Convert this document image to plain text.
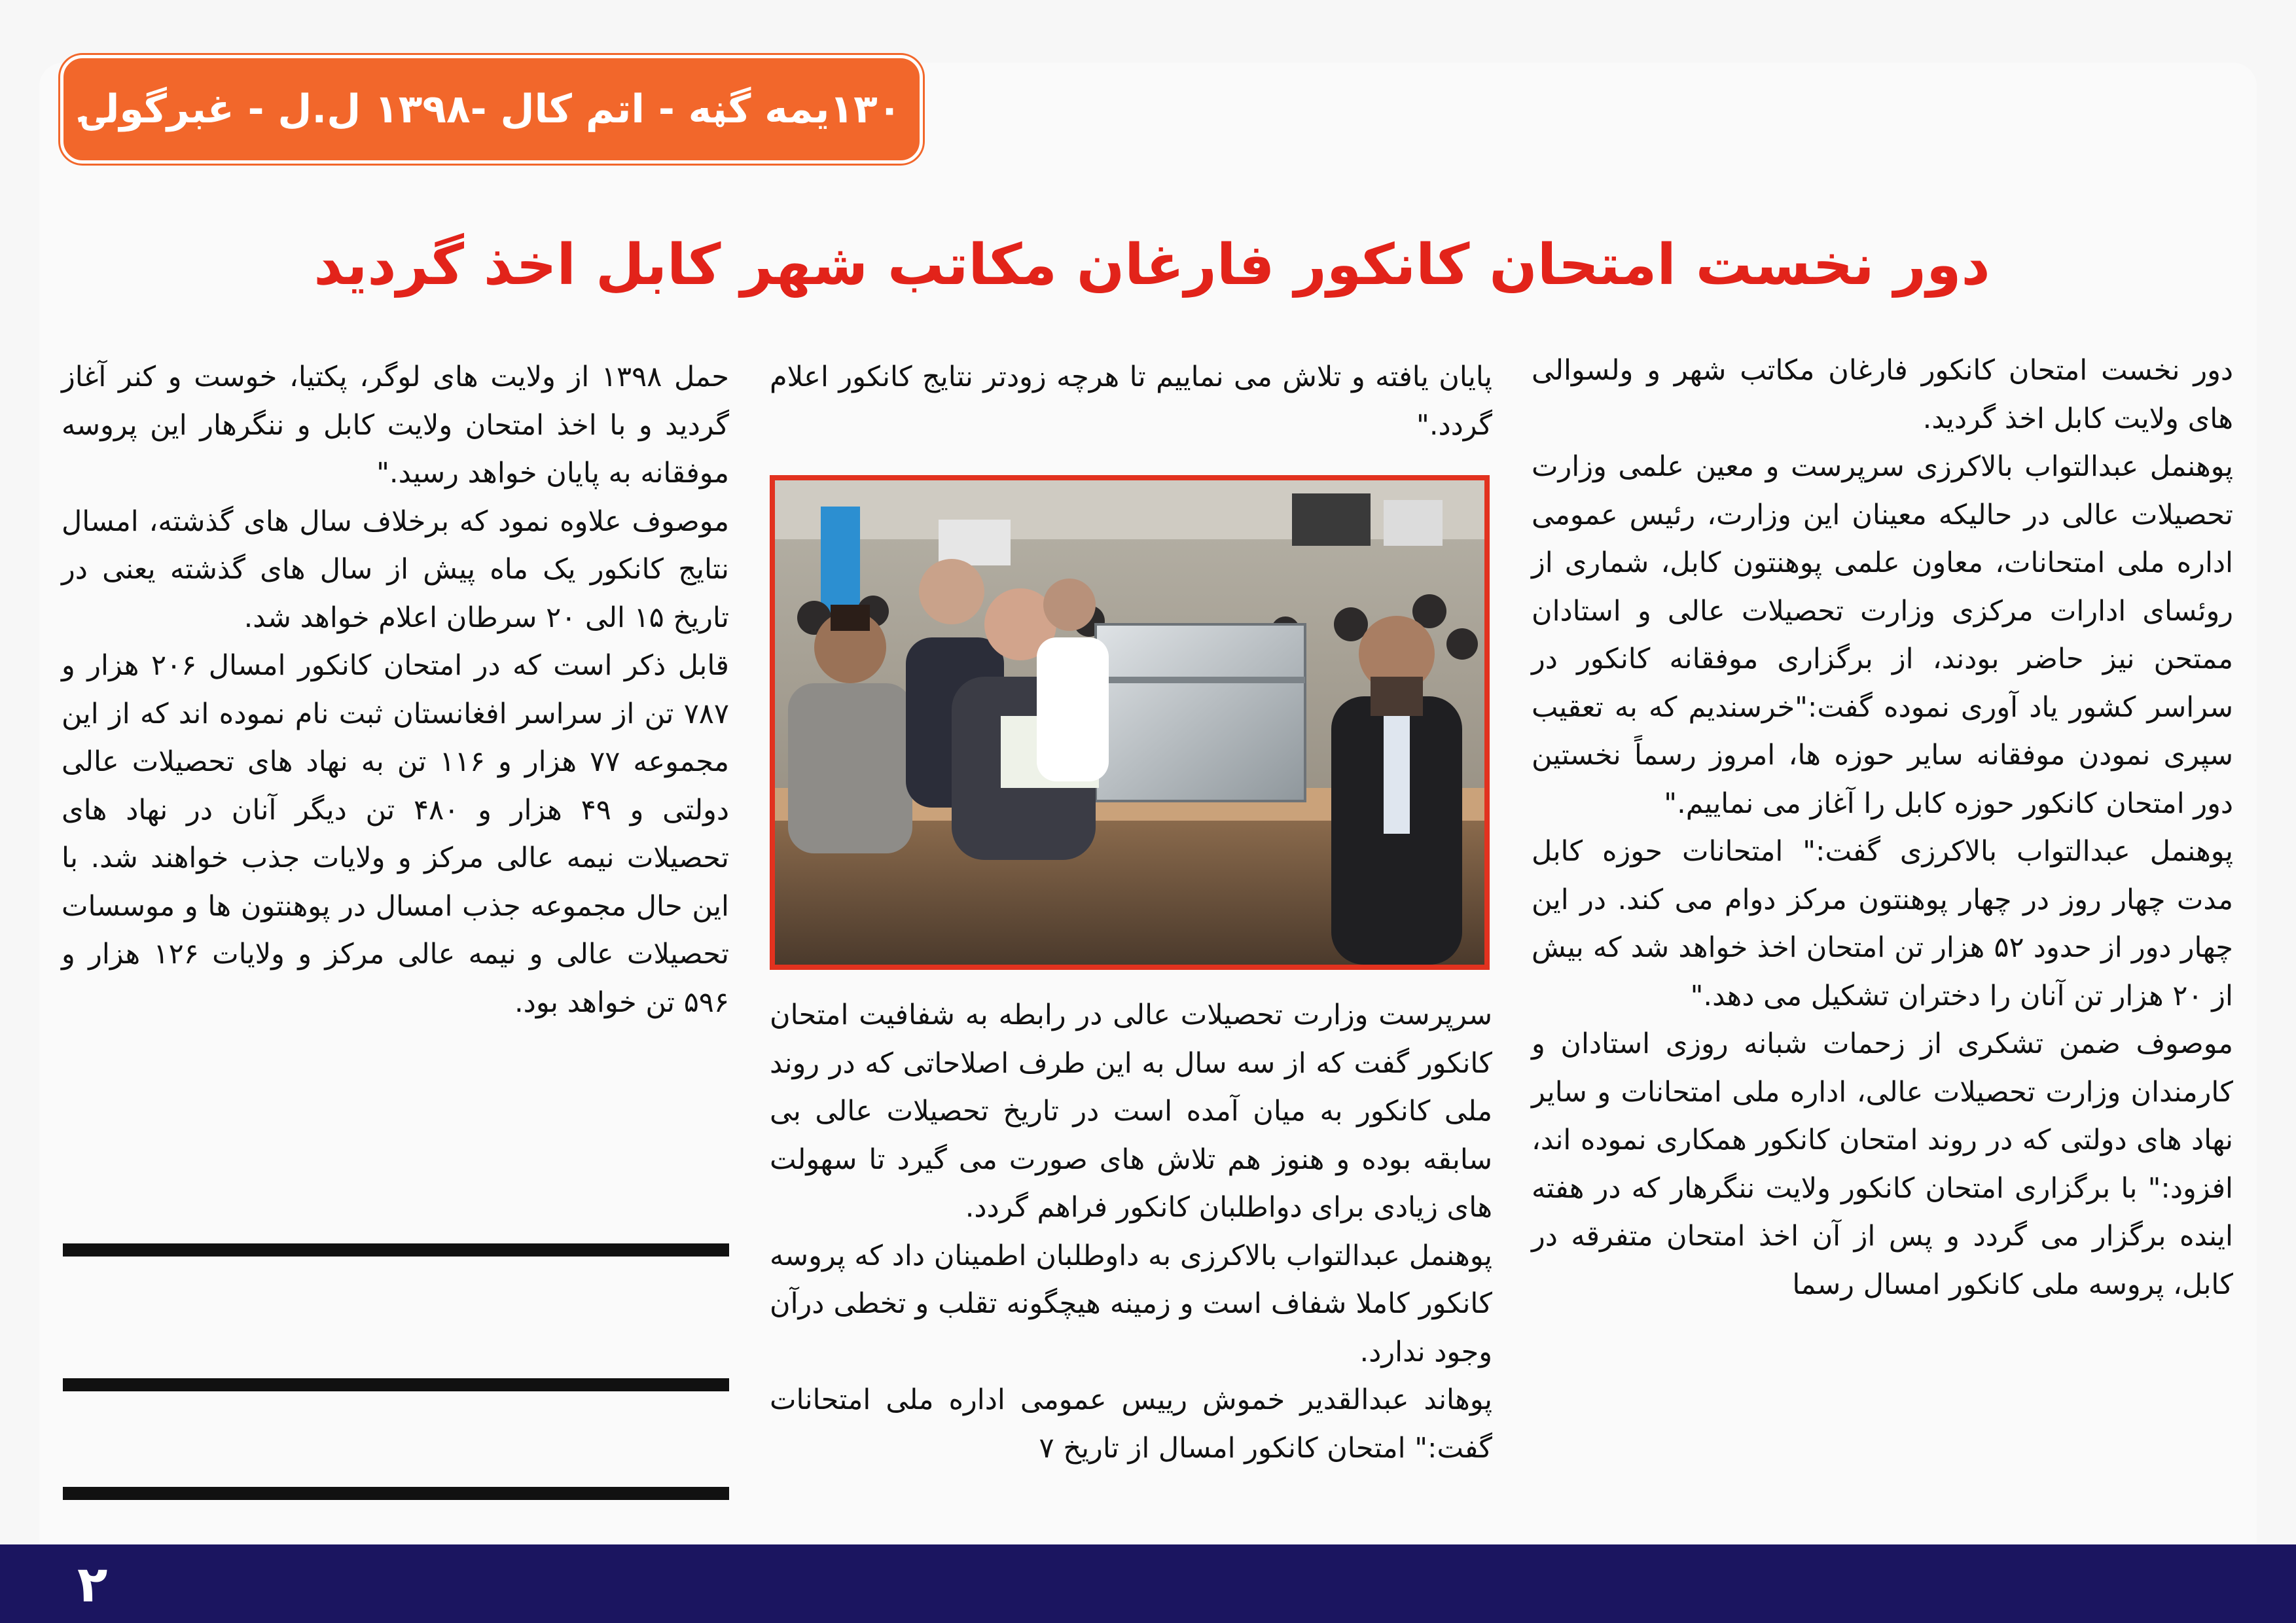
۱۳۰یمه گڼه - اتم کال -۱۳۹۸ ل.ل - غبرگولۍ
دور نخست امتحان کانکور فارغان مکاتب شهر کابل اخذ گردید

دور نخست امتحان کانکور فارغان مکاتب شهر و ولسوالی های ولایت کابل اخذ گردید.

پوهنمل عبدالتواب بالاکرزی سرپرست و معین علمی وزارت تحصیلات عالی در حالیکه معینان این وزارت، رئیس عمومی اداره ملی امتحانات، معاون علمی پوهنتون کابل، شماری از روئسای ادارات مرکزی وزارت تحصیلات عالی و استادان ممتحن نیز حاضر بودند، از برگزاری موفقانه کانکور در سراسر کشور یاد آوری نموده گفت:"خرسندیم که به تعقیب سپری نمودن موفقانه سایر حوزه ها، امروز رسماً نخستین دور امتحان کانکور حوزه کابل را آغاز می نماییم."

پوهنمل عبدالتواب بالاکرزی گفت:" امتحانات حوزه کابل مدت چهار روز در چهار پوهنتون مرکز دوام می کند. در این چهار دور از حدود ۵۲ هزار تن امتحان اخذ خواهد شد که بیش از ۲۰ هزار تن آنان را دختران تشکیل می دهد."

موصوف ضمن تشکری از زحمات شبانه روزی استادان و کارمندان وزارت تحصیلات عالی، اداره ملی امتحانات و سایر نهاد های دولتی که در روند امتحان کانکور همکاری نموده اند، افزود:" با برگزاری امتحان کانکور ولایت ننگرهار که در هفته اینده برگزار می گردد و پس از آن اخذ امتحان متفرقه در کابل، پروسه ملی کانکور امسال رسما

پایان یافته و تلاش می نماییم تا هرچه زودتر نتایج کانکور اعلام گردد."

سرپرست وزارت تحصیلات عالی در رابطه به شفافیت امتحان کانکور گفت که از سه سال به این طرف اصلاحاتی که در روند ملی کانکور به میان آمده است در تاریخ تحصیلات عالی بی سابقه بوده و هنوز هم تلاش های صورت می گیرد تا سهولت های زیادی برای دواطلبان کانکور فراهم گردد.

پوهنمل عبدالتواب بالاکرزی به داوطلبان اطمینان داد که پروسه کانکور کاملا شفاف است و زمینه هیچگونه تقلب و تخطی درآن وجود ندارد.

پوهاند عبدالقدیر خموش رییس عمومی اداره ملی امتحانات گفت:" امتحان کانکور امسال از تاریخ ۷

حمل ۱۳۹۸ از ولایت های لوگر، پکتیا، خوست و کنر آغاز گردید و با اخذ امتحان ولایت کابل و ننگرهار این پروسه موفقانه به پایان خواهد رسید."

موصوف علاوه نمود که برخلاف سال های گذشته، امسال نتایج کانکور یک ماه پیش از سال های گذشته یعنی در تاریخ ۱۵ الی ۲۰ سرطان اعلام خواهد شد.

قابل ذکر است که در امتحان کانکور امسال ۲۰۶ هزار و ۷۸۷ تن از سراسر افغانستان ثبت نام نموده اند که از این مجموعه ۷۷ هزار و ۱۱۶ تن به نهاد های تحصیلات عالی دولتی و ۴۹ هزار و ۴۸۰ تن دیگر آنان در نهاد های تحصیلات نیمه عالی مرکز و ولایات جذب خواهند شد. با این حال مجموعه جذب امسال در پوهنتون ها و موسسات تحصیلات عالی و نیمه عالی مرکز و ولایات ۱۲۶ هزار و ۵۹۶ تن خواهد بود.

۲
